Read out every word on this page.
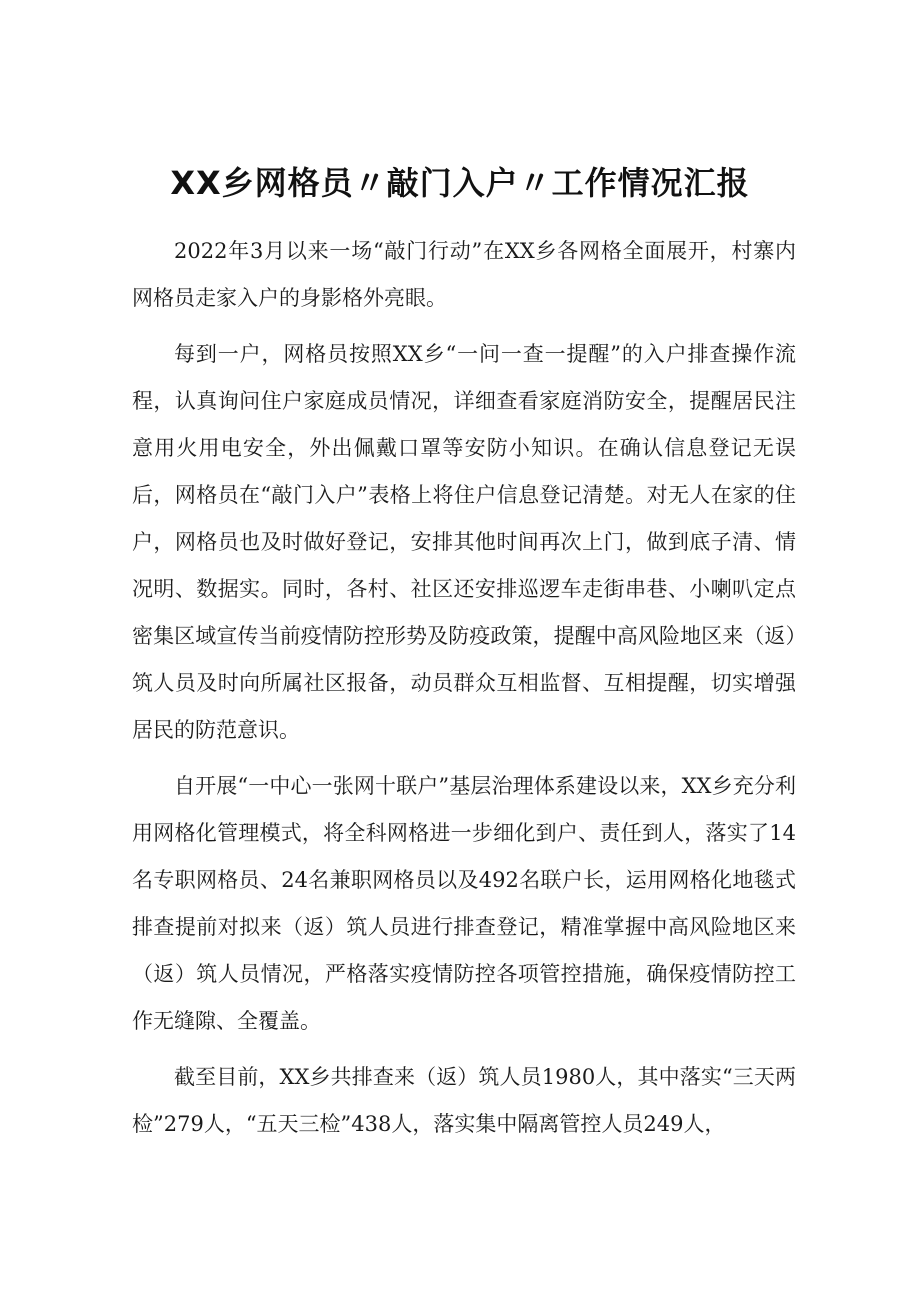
XX乡网格员〃敲门入户〃工作情况汇报

2022年3月以来一场“敲门行动”在XX乡各网格全面展开，村寨内网格员走家入户的身影格外亮眼。

每到一户，网格员按照XX乡“一问一查一提醒”的入户排查操作流程，认真询问住户家庭成员情况，详细查看家庭消防安全，提醒居民注意用火用电安全，外出佩戴口罩等安防小知识。在确认信息登记无误后，网格员在“敲门入户”表格上将住户信息登记清楚。对无人在家的住户，网格员也及时做好登记，安排其他时间再次上门，做到底子清、情况明、数据实。同时，各村、社区还安排巡逻车走街串巷、小喇叭定点密集区域宣传当前疫情防控形势及防疫政策，提醒中高风险地区来（返）筑人员及时向所属社区报备，动员群众互相监督、互相提醒，切实增强居民的防范意识。

自开展“一中心一张网十联户”基层治理体系建设以来，XX乡充分利用网格化管理模式，将全科网格进一步细化到户、责任到人，落实了14名专职网格员、24名兼职网格员以及492名联户长，运用网格化地毯式排查提前对拟来（返）筑人员进行排查登记，精准掌握中高风险地区来（返）筑人员情况，严格落实疫情防控各项管控措施，确保疫情防控工作无缝隙、全覆盖。

截至目前，XX乡共排查来（返）筑人员1980人，其中落实“三天两检”279人，“五天三检”438人，落实集中隔离管控人员249人，
